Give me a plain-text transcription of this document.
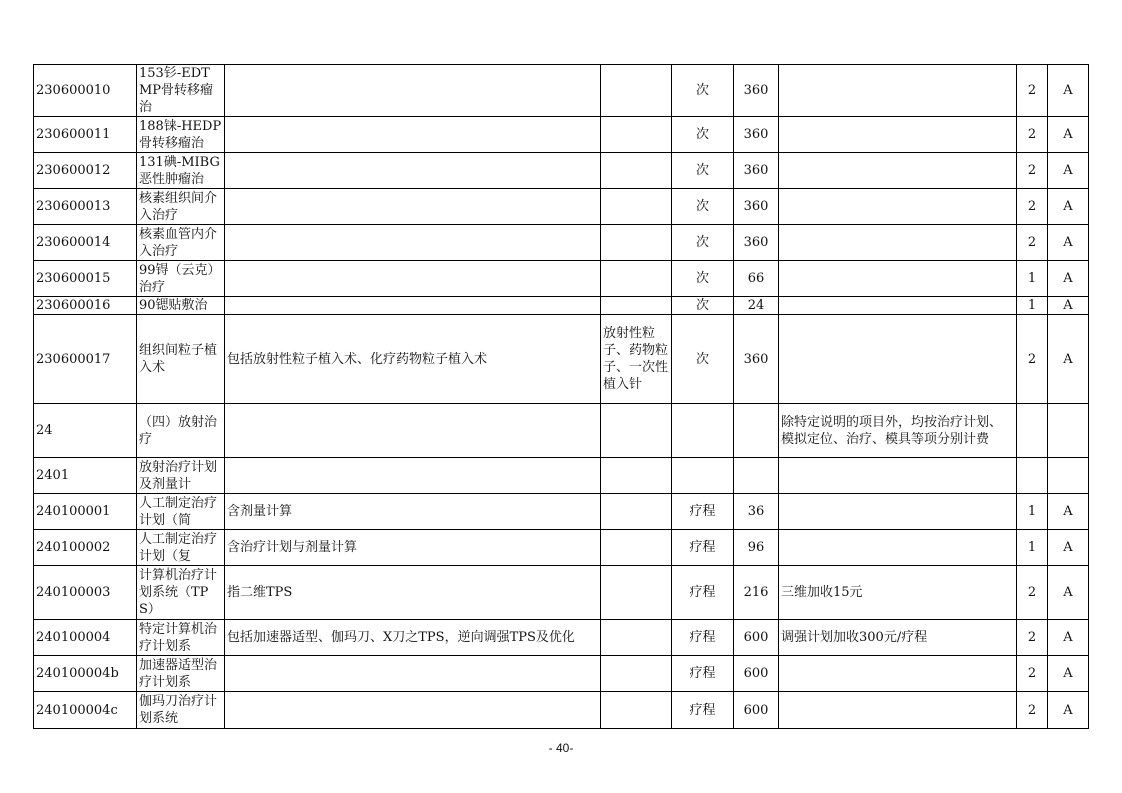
230600010	153钐-EDTMP骨转移瘤治			次	360		2	A
230600011	188铼-HEDP骨转移瘤治			次	360		2	A
230600012	131碘-MIBG恶性肿瘤治			次	360		2	A
230600013	核素组织间介入治疗			次	360		2	A
230600014	核素血管内介入治疗			次	360		2	A
230600015	99锝（云克）治疗			次	66		1	A
230600016	90锶贴敷治			次	24		1	A
230600017	组织间粒子植入术	包括放射性粒子植入术、化疗药物粒子植入术	放射性粒子、药物粒子、一次性植入针	次	360		2	A
24	（四）放射治疗					除特定说明的项目外，均按治疗计划、模拟定位、治疗、模具等项分别计费		
2401	放射治疗计划及剂量计							
240100001	人工制定治疗计划（简	含剂量计算		疗程	36		1	A
240100002	人工制定治疗计划（复	含治疗计划与剂量计算		疗程	96		1	A
240100003	计算机治疗计划系统（TPS）	指二维TPS		疗程	216	三维加收15元	2	A
240100004	特定计算机治疗计划系	包括加速器适型、伽玛刀、X刀之TPS，逆向调强TPS及优化		疗程	600	调强计划加收300元/疗程	2	A
240100004b	加速器适型治疗计划系			疗程	600		2	A
240100004c	伽玛刀治疗计划系统			疗程	600		2	A
- 40-
